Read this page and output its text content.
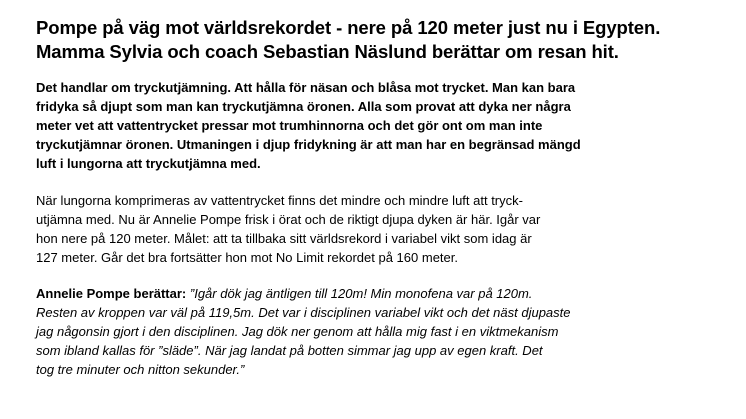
Pompe på väg mot världsrekordet - nere på 120 meter just nu i Egypten.
Mamma Sylvia och coach Sebastian Näslund berättar om resan hit.
Det handlar om tryckutjämning. Att hålla för näsan och blåsa mot trycket. Man kan bara
fridyka så djupt som man kan tryckutjämna öronen. Alla som provat att dyka ner några
meter vet att vattentrycket pressar mot trumhinnorna och det gör ont om man inte
tryckutjämnar öronen. Utmaningen i djup fridykning är att man har en begränsad mängd
luft i lungorna att tryckutjämna med.
När lungorna komprimeras av vattentrycket finns det mindre och mindre luft att tryck-
utjämna med. Nu är Annelie Pompe frisk i örat och de riktigt djupa dyken är här. Igår var
hon nere på 120 meter. Målet: att ta tillbaka sitt världsrekord i variabel vikt som idag är
127 meter. Går det bra fortsätter hon mot No Limit rekordet på 160 meter.
Annelie Pompe berättar: ”Igår dök jag äntligen till 120m! Min monofena var på 120m.
Resten av kroppen var väl på 119,5m. Det var i disciplinen variabel vikt och det näst djupaste
jag någonsin gjort i den disciplinen. Jag dök ner genom att hålla mig fast i en viktmekanism
som ibland kallas för ”släde”. När jag landat på botten simmar jag upp av egen kraft. Det
tog tre minuter och nitton sekunder.”
